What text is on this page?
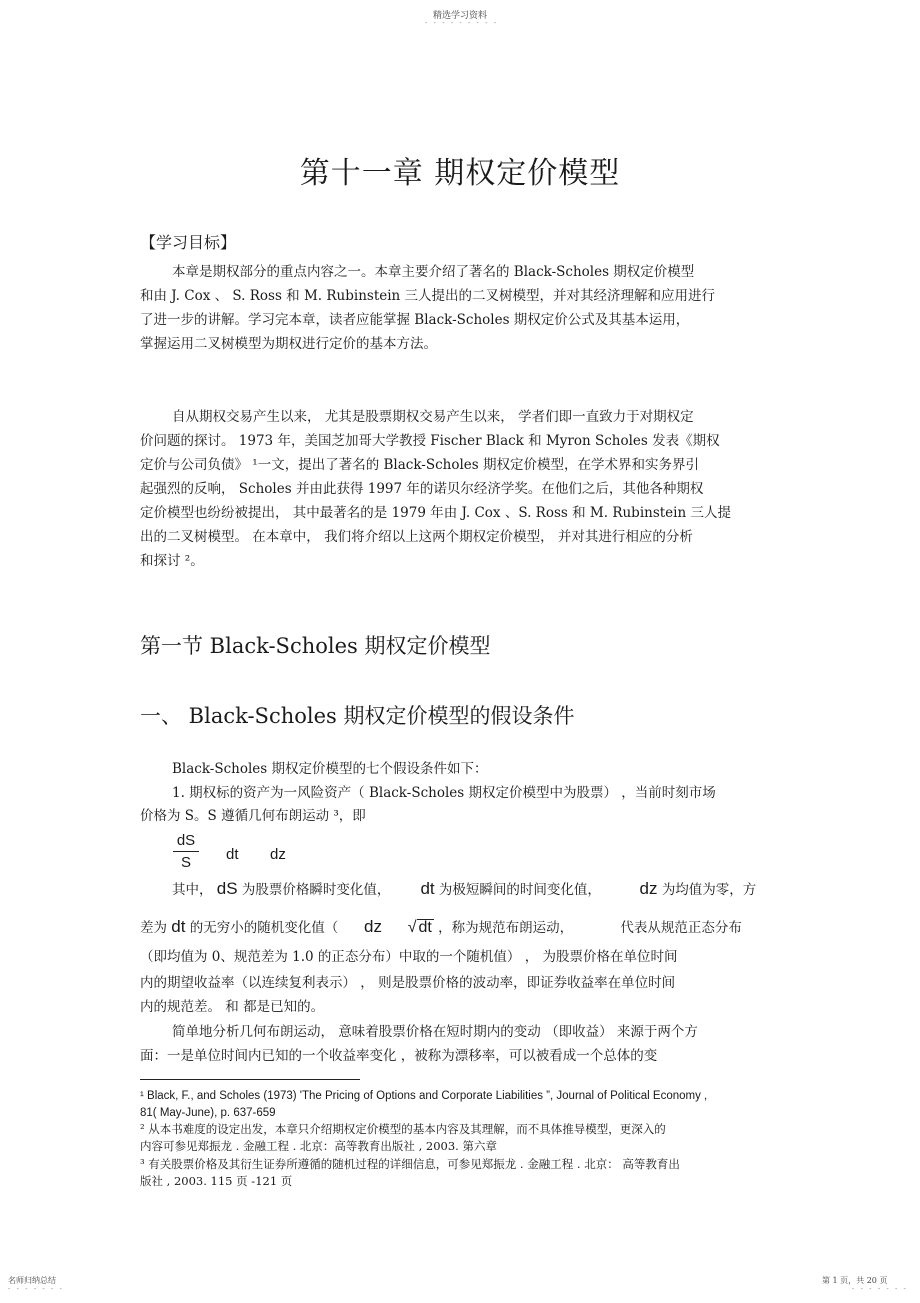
精选学习资料
- - - - - - - - -
第十一章 期权定价模型
【学习目标】
本章是期权部分的重点内容之一。本章主要介绍了著名的 Black-Scholes 期权定价模型
和由 J. Cox 、 S. Ross 和 M. Rubinstein 三人提出的二叉树模型，并对其经济理解和应用进行
了进一步的讲解。学习完本章，读者应能掌握 Black-Scholes 期权定价公式及其基本运用，
掌握运用二叉树模型为期权进行定价的基本方法。
自从期权交易产生以来， 尤其是股票期权交易产生以来， 学者们即一直致力于对期权定
价问题的探讨。 1973 年，美国芝加哥大学教授 Fischer Black 和 Myron Scholes 发表《期权
定价与公司负债》 ¹一文，提出了著名的 Black-Scholes 期权定价模型，在学术界和实务界引
起强烈的反响， Scholes 并由此获得 1997 年的诺贝尔经济学奖。在他们之后，其他各种期权
定价模型也纷纷被提出， 其中最著名的是 1979 年由 J. Cox 、S. Ross 和 M. Rubinstein 三人提
出的二叉树模型。 在本章中， 我们将介绍以上这两个期权定价模型， 并对其进行相应的分析
和探讨 ²。
第一节 Black-Scholes 期权定价模型
一、 Black-Scholes 期权定价模型的假设条件
Black-Scholes 期权定价模型的七个假设条件如下：
1. 期权标的资产为一风险资产（ Black-Scholes 期权定价模型中为股票） ，当前时刻市场
价格为 S。S 遵循几何布朗运动 ³，即
dS
S	dt dz
其中， dS 为股票价格瞬时变化值， dt 为极短瞬间的时间变化值， dz 为均值为零，方
差为 dt 的无穷小的随机变化值（ dz √ dt ，称为规范布朗运动，	代表从规范正态分布
（即均值为 0、规范差为 1.0 的正态分布）中取的一个随机值） ， 为股票价格在单位时间
内的期望收益率（以连续复利表示） ， 则是股票价格的波动率，即证券收益率在单位时间
内的规范差。 和 都是已知的。
简单地分析几何布朗运动， 意味着股票价格在短时期内的变动 （即收益） 来源于两个方
面：一是单位时间内已知的一个收益率变化 ，被称为漂移率，可以被看成一个总体的变
¹ Black, F., and Scholes (1973) 'The Pricing of Options and Corporate Liabilities ”, Journal of Political Economy ,
81( May-June), p. 637-659
² 从本书难度的设定出发，本章只介绍期权定价模型的基本内容及其理解，而不具体推导模型，更深入的
内容可参见郑振龙 . 金融工程 . 北京：高等教育出版社 , 2003. 第六章
³ 有关股票价格及其衍生证券所遵循的随机过程的详细信息，可参见郑振龙 . 金融工程 . 北京： 高等教育出
版社 , 2003. 115 页 -121 页
名师归纳总结
- - - - - - -
第 1 页，共 20 页
- - - - - - -
